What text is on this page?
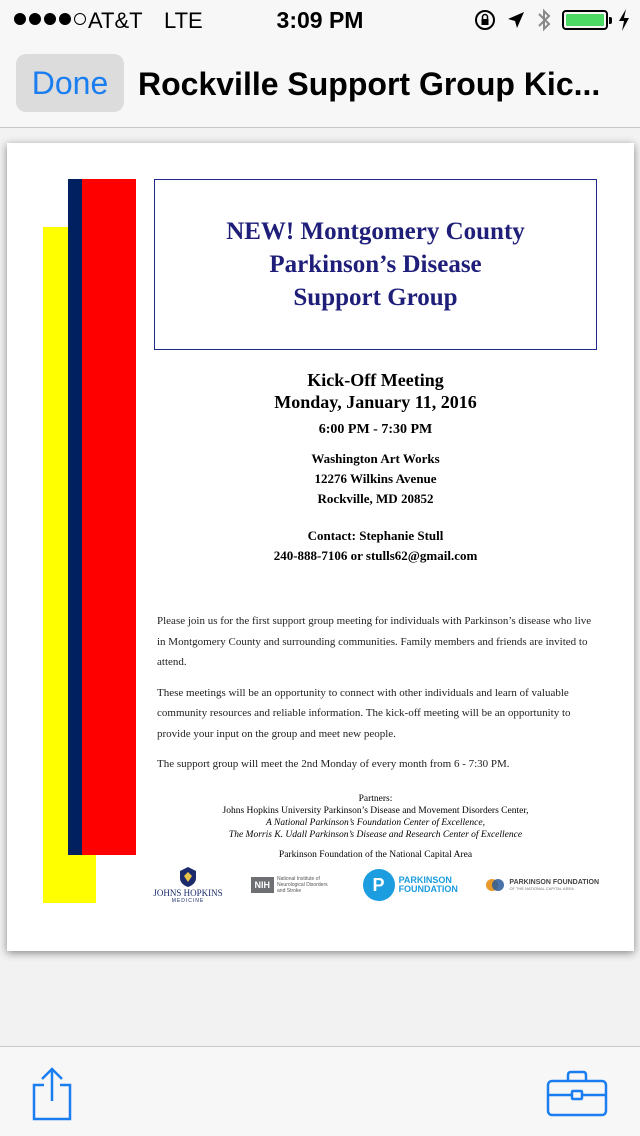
AT&T LTE	3:09 PM
Done Rockville Support Group Kic...
NEW! Montgomery County
Parkinson’s Disease
Support Group
Kick-Off Meeting
Monday, January 11, 2016
6:00 PM - 7:30 PM
Washington Art Works
12276 Wilkins Avenue
Rockville, MD 20852
Contact: Stephanie Stull
240-888-7106 or stulls62@gmail.com

Please join us for the first support group meeting for individuals with Parkinson’s disease who live in Montgomery County and surrounding communities. Family members and friends are invited to attend.

These meetings will be an opportunity to connect with other individuals and learn of valuable community resources and reliable information. The kick-off meeting will be an opportunity to provide your input on the group and meet new people.

The support group will meet the 2nd Monday of every month from 6 - 7:30 PM.

Partners:
Johns Hopkins University Parkinson’s Disease and Movement Disorders Center,
A National Parkinson’s Foundation Center of Excellence,
The Morris K. Udall Parkinson’s Disease and Research Center of Excellence
Parkinson Foundation of the National Capital Area
JOHNS HOPKINS
MEDICINE
NIH
National Institute of Neurological Disorders and Stroke	P	PARKINSON
FOUNDATION
PARKINSON FOUNDATION
OF THE NATIONAL CAPITAL AREA
